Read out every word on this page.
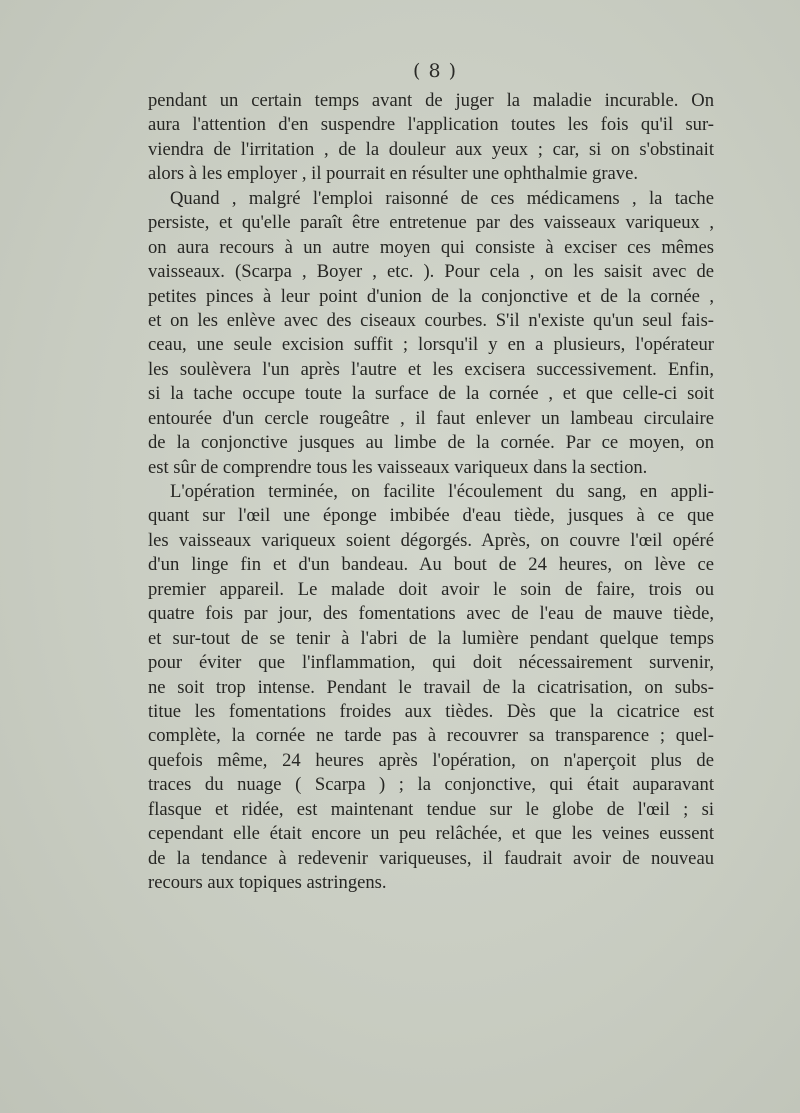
( 8 )
pendant un certain temps avant de juger la maladie incurable. On
aura l'attention d'en suspendre l'application toutes les fois qu'il sur-
viendra de l'irritation , de la douleur aux yeux ; car, si on s'obstinait
alors à les employer , il pourrait en résulter une ophthalmie grave.
Quand , malgré l'emploi raisonné de ces médicamens , la tache
persiste, et qu'elle paraît être entretenue par des vaisseaux variqueux ,
on aura recours à un autre moyen qui consiste à exciser ces mêmes
vaisseaux. (Scarpa , Boyer , etc. ). Pour cela , on les saisit avec de
petites pinces à leur point d'union de la conjonctive et de la cornée ,
et on les enlève avec des ciseaux courbes. S'il n'existe qu'un seul fais-
ceau, une seule excision suffit ; lorsqu'il y en a plusieurs, l'opérateur
les soulèvera l'un après l'autre et les excisera successivement. Enfin,
si la tache occupe toute la surface de la cornée , et que celle-ci soit
entourée d'un cercle rougeâtre , il faut enlever un lambeau circulaire
de la conjonctive jusques au limbe de la cornée. Par ce moyen, on
est sûr de comprendre tous les vaisseaux variqueux dans la section.
L'opération terminée, on facilite l'écoulement du sang, en appli-
quant sur l'œil une éponge imbibée d'eau tiède, jusques à ce que
les vaisseaux variqueux soient dégorgés. Après, on couvre l'œil opéré
d'un linge fin et d'un bandeau. Au bout de 24 heures, on lève ce
premier appareil. Le malade doit avoir le soin de faire, trois ou
quatre fois par jour, des fomentations avec de l'eau de mauve tiède,
et sur-tout de se tenir à l'abri de la lumière pendant quelque temps
pour éviter que l'inflammation, qui doit nécessairement survenir,
ne soit trop intense. Pendant le travail de la cicatrisation, on subs-
titue les fomentations froides aux tièdes. Dès que la cicatrice est
complète, la cornée ne tarde pas à recouvrer sa transparence ; quel-
quefois même, 24 heures après l'opération, on n'aperçoit plus de
traces du nuage ( Scarpa ) ; la conjonctive, qui était auparavant
flasque et ridée, est maintenant tendue sur le globe de l'œil ; si
cependant elle était encore un peu relâchée, et que les veines eussent
de la tendance à redevenir variqueuses, il faudrait avoir de nouveau
recours aux topiques astringens.
